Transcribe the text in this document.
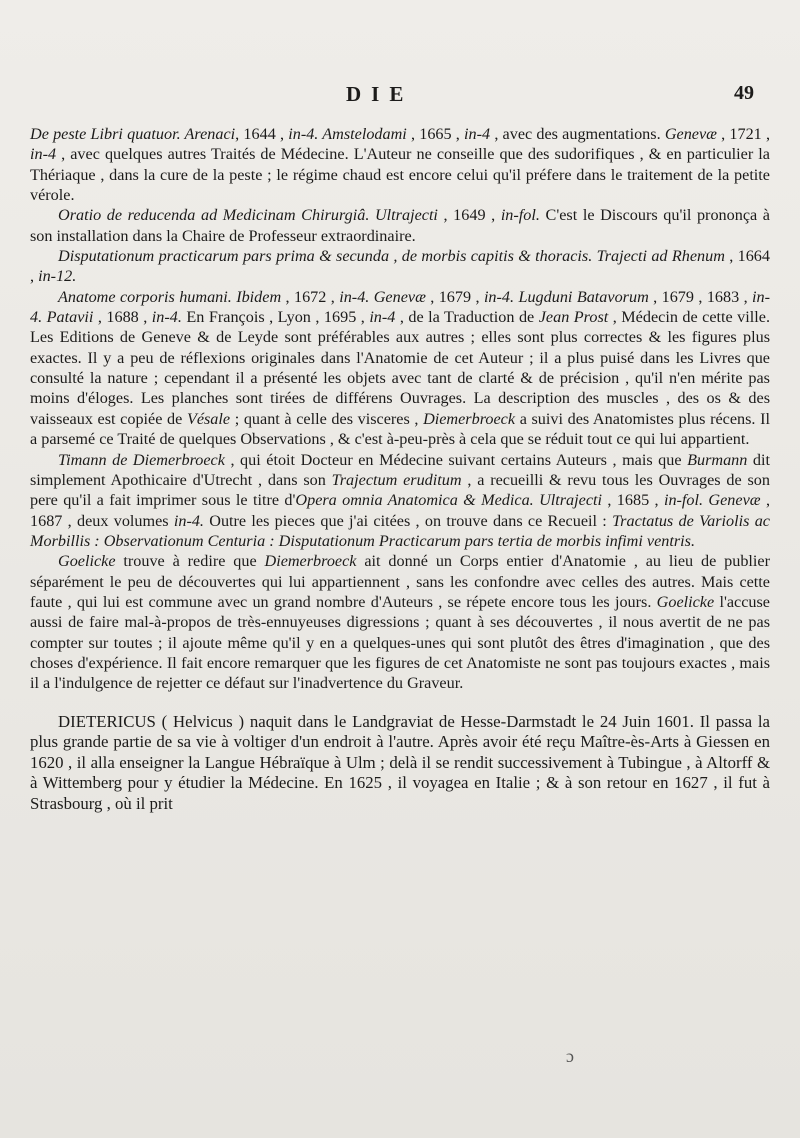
DIE	49

De peste Libri quatuor. Arenaci, 1644 , in-4. Amstelodami , 1665 , in-4 , avec des augmentations. Genevæ , 1721 , in-4 , avec quelques autres Traités de Médecine. L'Auteur ne conseille que des sudorifiques , & en particulier la Thériaque , dans la cure de la peste ; le régime chaud est encore celui qu'il préfere dans le traitement de la petite vérole.

Oratio de reducenda ad Medicinam Chirurgiâ. Ultrajecti , 1649 , in-fol. C'est le Discours qu'il prononça à son installation dans la Chaire de Professeur extraordinaire.

Disputationum practicarum pars prima & secunda , de morbis capitis & thoracis. Trajecti ad Rhenum , 1664 , in-12.

Anatome corporis humani. Ibidem , 1672 , in-4. Genevæ , 1679 , in-4. Lugduni Batavorum , 1679 , 1683 , in-4. Patavii , 1688 , in-4. En François , Lyon , 1695 , in-4 , de la Traduction de Jean Prost , Médecin de cette ville. Les Editions de Geneve & de Leyde sont préférables aux autres ; elles sont plus correctes & les figures plus exactes. Il y a peu de réflexions originales dans l'Anatomie de cet Auteur ; il a plus puisé dans les Livres que consulté la nature ; cependant il a présenté les objets avec tant de clarté & de précision , qu'il n'en mérite pas moins d'éloges. Les planches sont tirées de différens Ouvrages. La description des muscles , des os & des vaisseaux est copiée de Vésale ; quant à celle des visceres , Diemerbroeck a suivi des Anatomistes plus récens. Il a parsemé ce Traité de quelques Observations , & c'est à-peu-près à cela que se réduit tout ce qui lui appartient.

Timann de Diemerbroeck , qui étoit Docteur en Médecine suivant certains Auteurs , mais que Burmann dit simplement Apothicaire d'Utrecht , dans son Trajectum eruditum , a recueilli & revu tous les Ouvrages de son pere qu'il a fait imprimer sous le titre d'Opera omnia Anatomica & Medica. Ultrajecti , 1685 , in-fol. Genevæ , 1687 , deux volumes in-4. Outre les pieces que j'ai citées , on trouve dans ce Recueil : Tractatus de Variolis ac Morbillis : Observationum Centuria : Disputationum Practicarum pars tertia de morbis infimi ventris.

Goelicke trouve à redire que Diemerbroeck ait donné un Corps entier d'Anatomie , au lieu de publier séparément le peu de découvertes qui lui appartiennent , sans les confondre avec celles des autres. Mais cette faute , qui lui est commune avec un grand nombre d'Auteurs , se répete encore tous les jours. Goelicke l'accuse aussi de faire mal-à-propos de très-ennuyeuses digressions ; quant à ses découvertes , il nous avertit de ne pas compter sur toutes ; il ajoute même qu'il y en a quelques-unes qui sont plutôt des êtres d'imagination , que des choses d'expérience. Il fait encore remarquer que les figures de cet Anatomiste ne sont pas toujours exactes , mais il a l'indulgence de rejetter ce défaut sur l'inadvertence du Graveur.

DIETERICUS ( Helvicus ) naquit dans le Landgraviat de Hesse-Darmstadt le 24 Juin 1601. Il passa la plus grande partie de sa vie à voltiger d'un endroit à l'autre. Après avoir été reçu Maître-ès-Arts à Giessen en 1620 , il alla enseigner la Langue Hébraïque à Ulm ; delà il se rendit successivement à Tubingue , à Altorff & à Wittemberg pour y étudier la Médecine. En 1625 , il voyagea en Italie ; & à son retour en 1627 , il fut à Strasbourg , où il prit

ɔ
